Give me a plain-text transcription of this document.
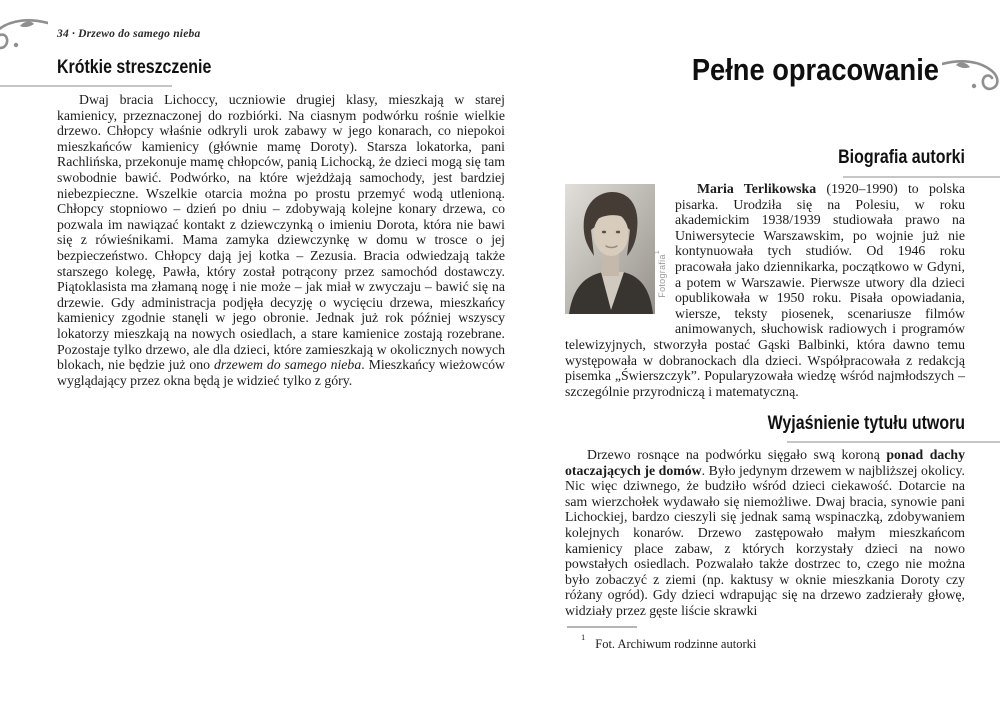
34 · Drzewo do samego nieba
Krótkie streszczenie

Dwaj bracia Lichoccy, uczniowie drugiej klasy, mieszkają w starej kamienicy, przeznaczonej do rozbiórki. Na ciasnym podwórku rośnie wielkie drzewo. Chłopcy właśnie odkryli urok zabawy w jego konarach, co niepokoi mieszkańców kamienicy (głównie mamę Doroty). Starsza lokatorka, pani Rachlińska, przekonuje mamę chłopców, panią Lichocką, że dzieci mogą się tam swobodnie bawić. Podwórko, na które wjeżdżają samochody, jest bardziej niebezpieczne. Wszelkie otarcia można po prostu przemyć wodą utlenioną. Chłopcy stopniowo – dzień po dniu – zdobywają kolejne konary drzewa, co pozwala im nawiązać kontakt z dziewczynką o imieniu Dorota, która nie bawi się z rówieśnikami. Mama zamyka dziewczynkę w domu w trosce o jej bezpieczeństwo. Chłopcy dają jej kotka – Zezusia. Bracia odwiedzają także starszego kolegę, Pawła, który został potrącony przez samochód dostawczy. Piątoklasista ma złamaną nogę i nie może – jak miał w zwyczaju – bawić się na drzewie. Gdy administracja podjęła decyzję o wycięciu drzewa, mieszkańcy kamienicy zgodnie stanęli w jego obronie. Jednak już rok później wszyscy lokatorzy mieszkają na nowych osiedlach, a stare kamienice zostają rozebrane. Pozostaje tylko drzewo, ale dla dzieci, które zamieszkają w okolicznych nowych blokach, nie będzie już ono drzewem do samego nieba. Mieszkańcy wieżowców wyglądający przez okna będą je widzieć tylko z góry.

Pełne opracowanie
Biografia autorki

Fotografia$^1$
Maria Terlikowska (1920–1990) to polska pisarka. Urodziła się na Polesiu, w roku akademickim 1938/1939 studiowała prawo na Uniwersytecie Warszawskim, po wojnie już nie kontynuowała tych studiów. Od 1946 roku pracowała jako dziennikarka, początkowo w Gdyni, a potem w Warszawie. Pierwsze utwory dla dzieci opublikowała w 1950 roku. Pisała opowiadania, wiersze, teksty piosenek, scenariusze filmów animowanych, słuchowisk radiowych i programów telewizyjnych, stworzyła postać Gąski Balbinki, która dawno temu występowała w dobranockach dla dzieci. Współpracowała z redakcją pisemka „Świerszczyk”. Popularyzowała wiedzę wśród najmłodszych – szczególnie przyrodniczą i matematyczną.

Wyjaśnienie tytułu utworu

Drzewo rosnące na podwórku sięgało swą koroną ponad dachy otaczających je domów. Było jedynym drzewem w najbliższej okolicy. Nic więc dziwnego, że budziło wśród dzieci ciekawość. Dotarcie na sam wierzchołek wydawało się niemożliwe. Dwaj bracia, synowie pani Lichockiej, bardzo cieszyli się jednak samą wspinaczką, zdobywaniem kolejnych konarów. Drzewo zastępowało małym mieszkańcom kamienicy place zabaw, z których korzystały dzieci na nowo powstałych osiedlach. Pozwalało także dostrzec to, czego nie można było zobaczyć z ziemi (np. kaktusy w oknie mieszkania Doroty czy różany ogród). Gdy dzieci wdrapując się na drzewo zadzierały głowę, widziały przez gęste liście skrawki

$^1$Fot. Archiwum rodzinne autorki
